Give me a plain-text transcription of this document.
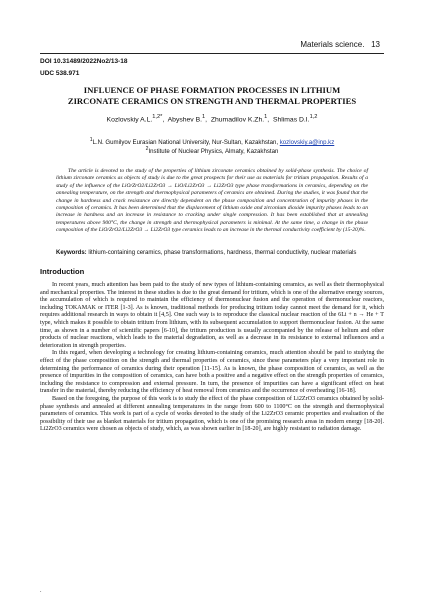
Materials science. 13
DOI 10.31489/2022No2/13-18
UDC 538.971
INFLUENCE OF PHASE FORMATION PROCESSES IN LITHIUM ZIRCONATE CERAMICS ON STRENGTH AND THERMAL PROPERTIES
Kozlovskiy A.L.$^{1,2*}$,  Abyshev B.$^1$,  Zhumadilov K.Zh.$^1$,  Shlimas D.I.$^{1,2}$
$^1$L.N. Gumilyov Eurasian National University, Nur-Sultan, Kazakhstan, kozlovskiy.a@inp.kz
$^2$Institute of Nuclear Physics, Almaty, Kazakhstan
The article is devoted to the study of the properties of lithium zirconate ceramics obtained by solid-phase synthesis. The choice of lithium zirconate ceramics as objects of study is due to the great prospects for their use as materials for tritium propagation. Results of a study of the influence of the LiO/ZrO2/Li2ZrO3 → LiO/Li2ZrO3 → Li2ZrO3 type phase transformations in ceramics, depending on the annealing temperature, on the strength and thermophysical parameters of ceramics are obtained. During the studies, it was found that the change in hardness and crack resistance are directly dependent on the phase composition and concentration of impurity phases in the composition of ceramics. It has been determined that the displacement of lithium oxide and zirconium dioxide impurity phases leads to an increase in hardness and an increase in resistance to cracking under single compression. It has been established that at annealing temperatures above 900°C, the change in strength and thermophysical parameters is minimal. At the same time, a change in the phase composition of the LiO/ZrO2/Li2ZrO3 → Li2ZrO3 type ceramics leads to an increase in the thermal conductivity coefficient by (15-20)%.
Keywords: lithium-containing ceramics, phase transformations, hardness, thermal conductivity, nuclear materials
Introduction

In recent years, much attention has been paid to the study of new types of lithium-containing ceramics, as well as their thermophysical and mechanical properties. The interest in these studies is due to the great demand for tritium, which is one of the alternative energy sources, the accumulation of which is required to maintain the efficiency of thermonuclear fusion and the operation of thermonuclear reactors, including TOKAMAK or ITER [1-3]. As is known, traditional methods for producing tritium today cannot meet the demand for it, which requires additional research in ways to obtain it [4,5]. One such way is to reproduce the classical nuclear reaction of the 6Li + n → He + T type, which makes it possible to obtain tritium from lithium, with its subsequent accumulation to support thermonuclear fusion. At the same time, as shown in a number of scientific papers [6-10], the tritium production is usually accompanied by the release of helium and other products of nuclear reactions, which leads to the material degradation, as well as a decrease in its resistance to external influences and a deterioration in strength properties.

In this regard, when developing a technology for creating lithium-containing ceramics, much attention should be paid to studying the effect of the phase composition on the strength and thermal properties of ceramics, since these parameters play a very important role in determining the performance of ceramics during their operation [11-15]. As is known, the phase composition of ceramics, as well as the presence of impurities in the composition of ceramics, can have both a positive and a negative effect on the strength properties of ceramics, including the resistance to compression and external pressure. In turn, the presence of impurities can have a significant effect on heat transfer in the material, thereby reducing the efficiency of heat removal from ceramics and the occurrence of overheating [16-18].

Based on the foregoing, the purpose of this work is to study the effect of the phase composition of Li2ZrO3 ceramics obtained by solid-phase synthesis and annealed at different annealing temperatures in the range from 600 to 1100°C on the strength and thermophysical parameters of ceramics. This work is part of a cycle of works devoted to the study of the Li2ZrO3 ceramic properties and evaluation of the possibility of their use as blanket materials for tritium propagation, which is one of the promising research areas in modern energy [18-20]. Li2ZrO3 ceramics were chosen as objects of study, which, as was shown earlier in [18-20], are highly resistant to radiation damage.

.
